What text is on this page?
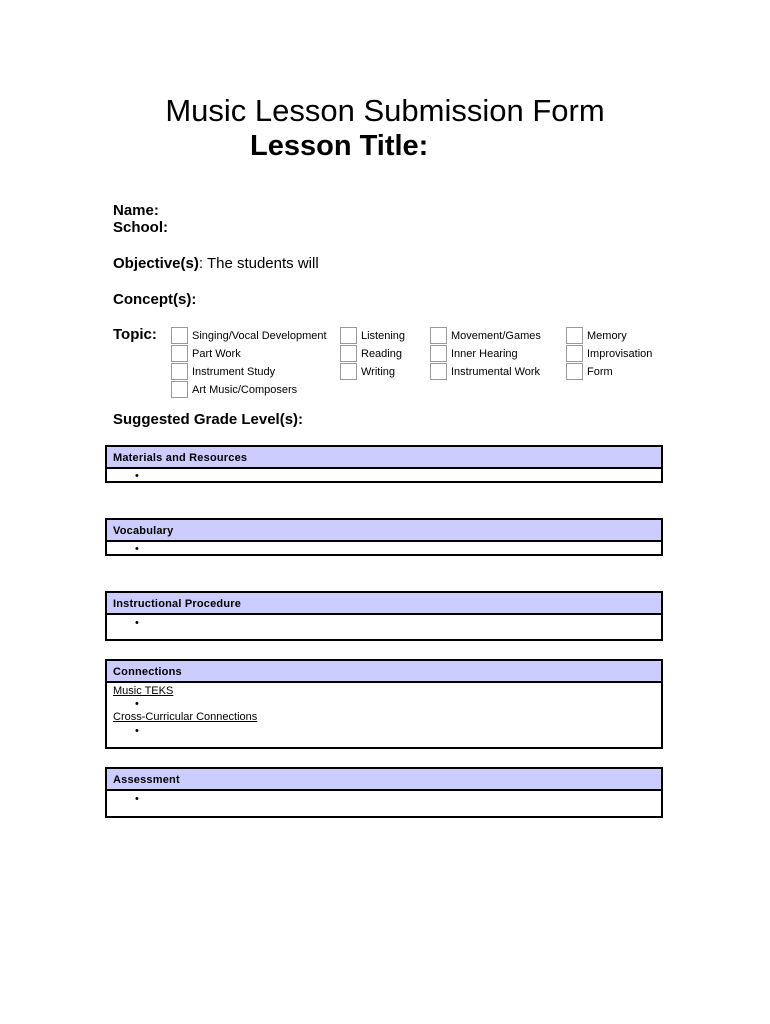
Music Lesson Submission Form
Lesson Title:
Name:
School:
Objective(s): The students will
Concept(s):
Topic:	Singing/Vocal Development
Part Work
Instrument Study
Art Music/Composers
Listening
Reading
Writing
Movement/Games
Inner Hearing
Instrumental Work
Memory
Improvisation
Form
Suggested Grade Level(s):
Materials and Resources
•
Vocabulary
•
Instructional Procedure
•
Connections
Music TEKS
•
Cross-Curricular Connections
•
Assessment
•
